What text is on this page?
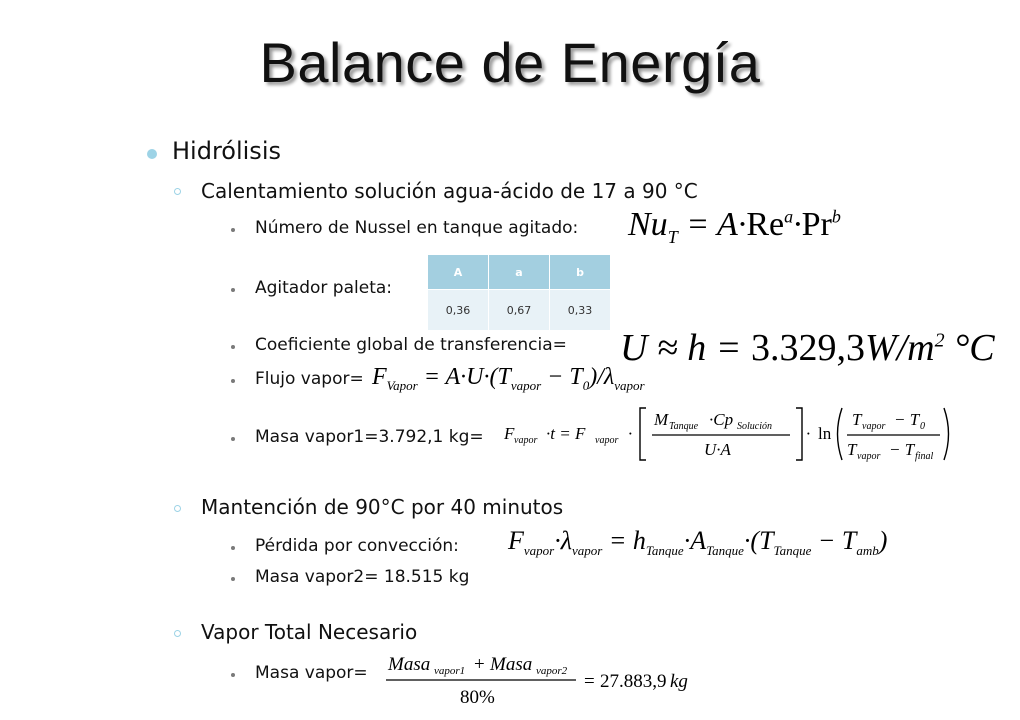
Balance de Energía
Hidrólisis
Calentamiento solución agua-ácido de 17 a 90 °C
Número de Nussel en tanque agitado: $Nu_T = A\cdot Re^a\cdot Pr^b$
Agitador paleta:
A	a	b
0,36	0,67	0,33
Coeficiente global de transferencia= $U \approx h = 3.329,3W/m^2$ °C
Flujo vapor= $F_{Vapor} = A\cdot U\cdot(T_{vapor} - T_0)/\lambda_{vapor}$
Masa vapor1=3.792,1 kg= F vapor ·t = F vapor ·
M Tanque ·Cp Solución
U·A
· ln
T vapor − T 0
T vapor − T final
Mantención de 90°C por 40 minutos
Pérdida por convección: $F_{vapor}\cdot\lambda_{vapor} = h_{Tanque}\cdot A_{Tanque}\cdot(T_{Tanque} - T_{amb})$
Masa vapor2= 18.515 kg
Vapor Total Necesario
Masa vapor= Masa vapor1 + Masa vapor2
80%
= 27.883,9 kg
